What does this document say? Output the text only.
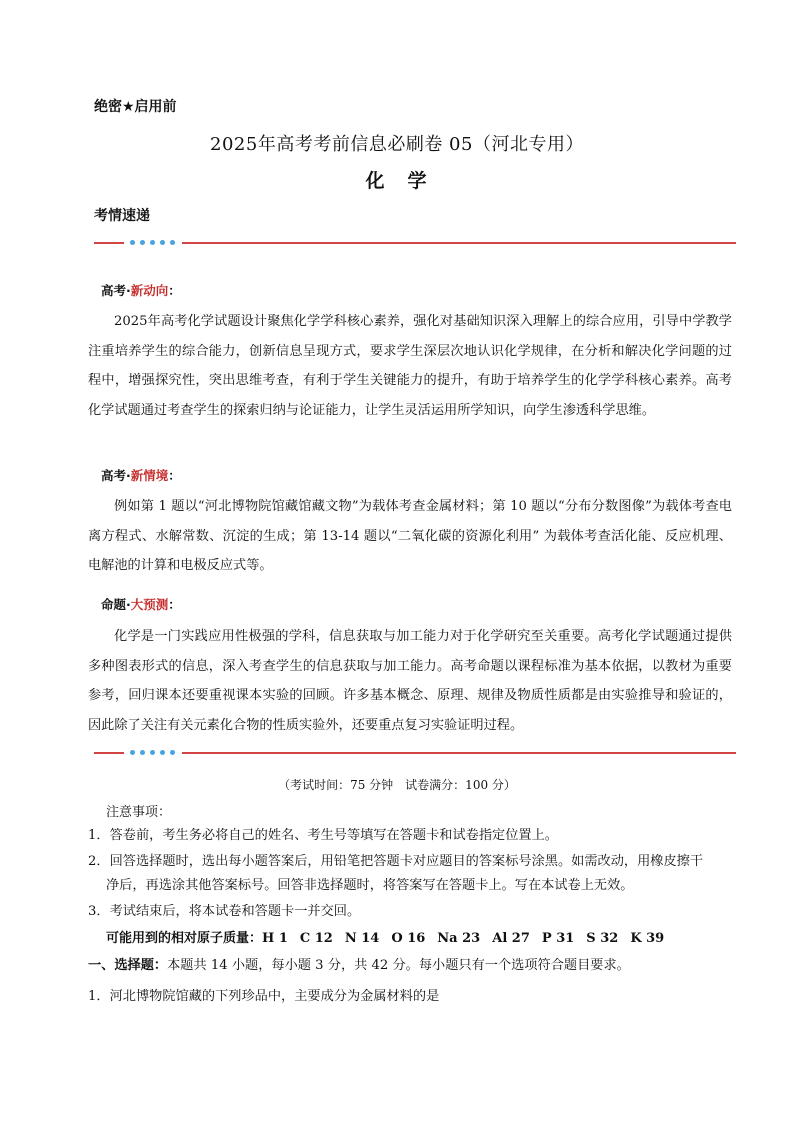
绝密★启用前
2025年高考考前信息必刷卷 05（河北专用）
化　学
考情速递
高考·新动向：
2025年高考化学试题设计聚焦化学学科核心素养，强化对基础知识深入理解上的综合应用，引导中学教学注重培养学生的综合能力，创新信息呈现方式，要求学生深层次地认识化学规律，在分析和解决化学问题的过程中，增强探究性，突出思维考查，有利于学生关键能力的提升，有助于培养学生的化学学科核心素养。高考化学试题通过考查学生的探索归纳与论证能力，让学生灵活运用所学知识，向学生渗透科学思维。
高考·新情境：
例如第 1 题以“河北博物院馆藏馆藏文物”为载体考查金属材料；第 10 题以“分布分数图像”为载体考查电离方程式、水解常数、沉淀的生成；第 13-14 题以“二氧化碳的资源化利用” 为载体考查活化能、反应机理、电解池的计算和电极反应式等。
命题·大预测：
化学是一门实践应用性极强的学科，信息获取与加工能力对于化学研究至关重要。高考化学试题通过提供多种图表形式的信息，深入考查学生的信息获取与加工能力。高考命题以课程标准为基本依据，以教材为重要参考，回归课本还要重视课本实验的回顾。许多基本概念、原理、规律及物质性质都是由实验推导和验证的，因此除了关注有关元素化合物的性质实验外，还要重点复习实验证明过程。
（考试时间：75 分钟　试卷满分：100 分）
注意事项：
1．答卷前，考生务必将自己的姓名、考生号等填写在答题卡和试卷指定位置上。
2．回答选择题时，选出每小题答案后，用铅笔把答题卡对应题目的答案标号涂黑。如需改动，用橡皮擦干
净后，再选涂其他答案标号。回答非选择题时，将答案写在答题卡上。写在本试卷上无效。
3．考试结束后，将本试卷和答题卡一并交回。
可能用到的相对原子质量：H 1 C 12 N 14 O 16 Na 23 Al 27 P 31 S 32 K 39
一、选择题：本题共 14 小题，每小题 3 分，共 42 分。每小题只有一个选项符合题目要求。
1．河北博物院馆藏的下列珍品中，主要成分为金属材料的是
